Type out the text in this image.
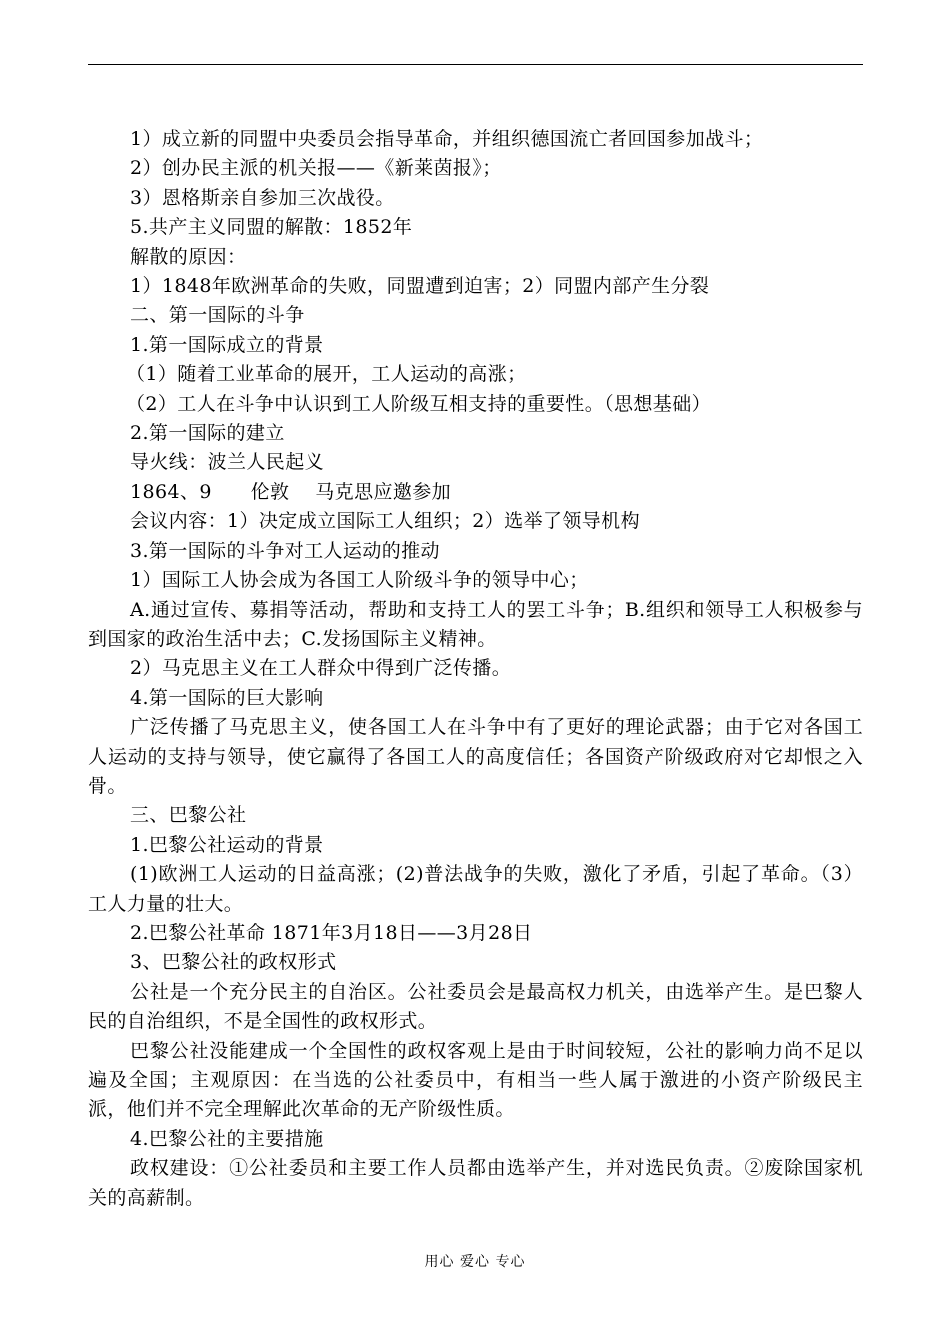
1）成立新的同盟中央委员会指导革命，并组织德国流亡者回国参加战斗；
2）创办民主派的机关报——《新莱茵报》；
3）恩格斯亲自参加三次战役。
5.共产主义同盟的解散：1852年
解散的原因：
1）1848年欧洲革命的失败，同盟遭到迫害；2）同盟内部产生分裂
二、第一国际的斗争
1.第一国际成立的背景
（1）随着工业革命的展开，工人运动的高涨；
（2）工人在斗争中认识到工人阶级互相支持的重要性。（思想基础）
2.第一国际的建立
导火线：波兰人民起义
1864、9　　伦敦　 马克思应邀参加
会议内容：1）决定成立国际工人组织；2）选举了领导机构
3.第一国际的斗争对工人运动的推动
1）国际工人协会成为各国工人阶级斗争的领导中心；
A.通过宣传、募捐等活动，帮助和支持工人的罢工斗争；B.组织和领导工人积极参与到国家的政治生活中去；C.发扬国际主义精神。
2）马克思主义在工人群众中得到广泛传播。
4.第一国际的巨大影响
广泛传播了马克思主义，使各国工人在斗争中有了更好的理论武器；由于它对各国工人运动的支持与领导，使它赢得了各国工人的高度信任；各国资产阶级政府对它却恨之入骨。
三、巴黎公社
1.巴黎公社运动的背景
(1)欧洲工人运动的日益高涨；(2)普法战争的失败，激化了矛盾，引起了革命。（3）工人力量的壮大。
2.巴黎公社革命 1871年3月18日——3月28日
3、巴黎公社的政权形式
公社是一个充分民主的自治区。公社委员会是最高权力机关，由选举产生。是巴黎人民的自治组织，不是全国性的政权形式。
巴黎公社没能建成一个全国性的政权客观上是由于时间较短，公社的影响力尚不足以遍及全国；主观原因：在当选的公社委员中，有相当一些人属于激进的小资产阶级民主派，他们并不完全理解此次革命的无产阶级性质。
4.巴黎公社的主要措施
政权建设：①公社委员和主要工作人员都由选举产生，并对选民负责。②废除国家机关的高薪制。
用心 爱心 专心
